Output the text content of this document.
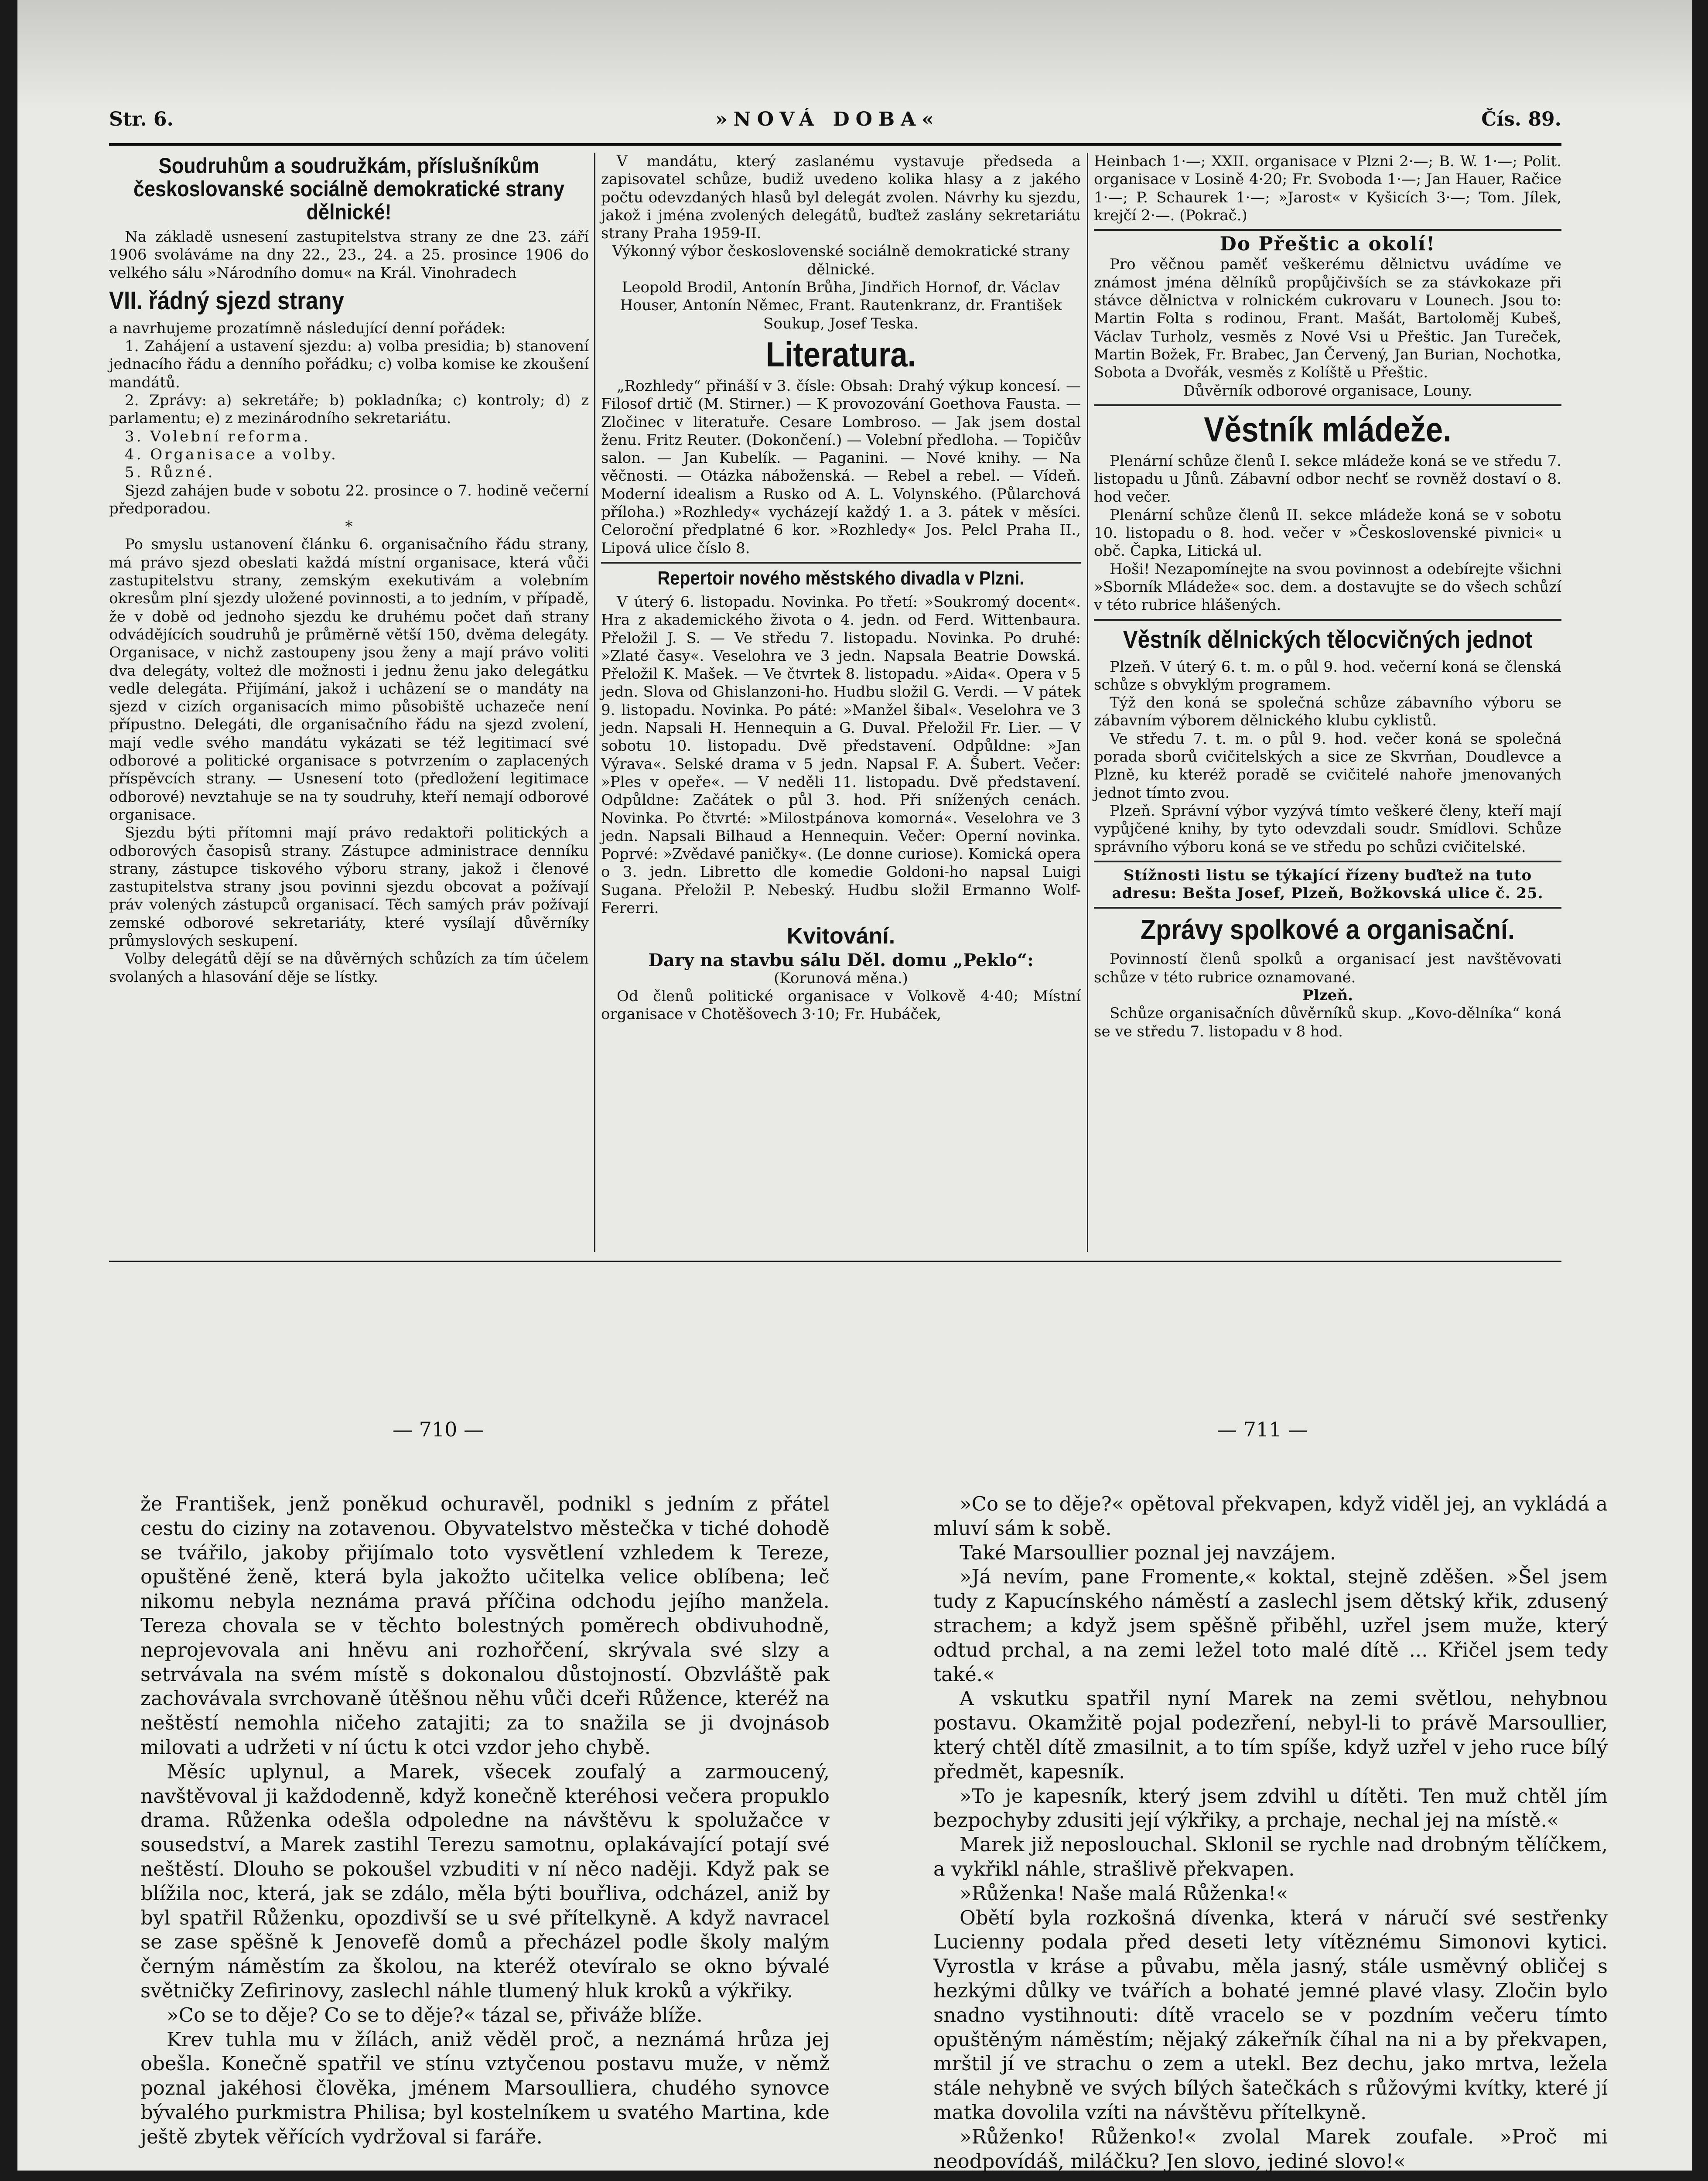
Str. 6.	»NOVÁ DOBA«	Čís. 89.
Soudruhům a soudružkám, příslušníkům českoslovanské sociálně demokratické strany dělnické!

Na základě usnesení zastupitelstva strany ze dne 23. září 1906 svoláváme na dny 22., 23., 24. a 25. prosince 1906 do velkého sálu »Národního domu« na Král. Vinohradech

VII. řádný sjezd strany

a navrhujeme prozatímně následující denní pořádek:

1. Zahájení a ustavení sjezdu: a) volba presidia; b) stanovení jednacího řádu a denního pořádku; c) volba komise ke zkoušení mandátů.

2. Zprávy: a) sekretáře; b) pokladníka; c) kontroly; d) z parlamentu; e) z mezinárodního sekretariátu.

3. Volební reforma.

4. Organisace a volby.

5. Různé.

Sjezd zahájen bude v sobotu 22. prosince o 7. hodině večerní předporadou.

*

Po smyslu ustanovení článku 6. organisačního řádu strany, má právo sjezd obeslati každá místní organisace, která vůči zastupitelstvu strany, zemským exekutivám a volebním okresům plní sjezdy uložené povinnosti, a to jedním, v případě, že v době od jednoho sjezdu ke druhému počet daň strany odvádějících soudruhů je průměrně větší 150, dvěma delegáty. Organisace, v nichž zastoupeny jsou ženy a mají právo voliti dva delegáty, volteż dle možnosti i jednu ženu jako delegátku vedle delegáta. Přijímání, jakož i uchâzení se o mandáty na sjezd v cizích organisacích mimo působiště uchazeče není přípustno. Delegáti, dle organisačního řádu na sjezd zvolení, mají vedle svého mandátu vykázati se též legitimací své odborové a politické organisace s potvrzením o zaplacených příspěvcích strany. — Usnesení toto (předložení legitimace odborové) nevztahuje se na ty soudruhy, kteří nemají odborové organisace.

Sjezdu býti přítomni mají právo redaktoři politických a odborových časopisů strany. Zástupce administrace denníku strany, zástupce tiskového výboru strany, jakož i členové zastupitelstva strany jsou povinni sjezdu obcovat a požívají práv volených zástupců organisací. Těch samých práv požívají zemské odborové sekretariáty, které vysílají důvěrníky průmyslových seskupení.

Volby delegátů dějí se na důvěrných schůzích za tím účelem svolaných a hlasování děje se lístky.

V mandátu, který zaslanému vystavuje předseda a zapisovatel schůze, budiž uvedeno kolika hlasy a z jakého počtu odevzdaných hlasů byl delegát zvolen. Návrhy ku sjezdu, jakož i jména zvolených delegátů, buďtež zaslány sekretariátu strany Praha 1959-II.

Výkonný výbor československé sociálně demokratické strany dělnické.

Leopold Brodil, Antonín Brůha, Jindřich Hornof, dr. Václav Houser, Antonín Němec, Frant. Rautenkranz, dr. František Soukup, Josef Teska.

Literatura.

„Rozhledy“ přináší v 3. čísle: Obsah: Drahý výkup koncesí. — Filosof drtič (M. Stirner.) — K provozování Goethova Fausta. — Zločinec v literatuře. Cesare Lombroso. — Jak jsem dostal ženu. Fritz Reuter. (Dokončení.) — Volební předloha. — Topičův salon. — Jan Kubelík. — Paganini. — Nové knihy. — Na věčnosti. — Otázka náboženská. — Rebel a rebel. — Vídeň. Moderní idealism a Rusko od A. L. Volynského. (Půlarchová příloha.) »Rozhledy« vycházejí každý 1. a 3. pátek v měsíci. Celoroční předplatné 6 kor. »Rozhledy« Jos. Pelcl Praha II., Lipová ulice číslo 8.

Repertoir nového městského divadla v Plzni.

V úterý 6. listopadu. Novinka. Po třetí: »Soukromý docent«. Hra z akademického života o 4. jedn. od Ferd. Wittenbaura. Přeložil J. S. — Ve středu 7. listopadu. Novinka. Po druhé: »Zlaté časy«. Veselohra ve 3 jedn. Napsala Beatrie Dowská. Přeložil K. Mašek. — Ve čtvrtek 8. listopadu. »Aida«. Opera v 5 jedn. Slova od Ghislanzoni-ho. Hudbu složil G. Verdi. — V pátek 9. listopadu. Novinka. Po páté: »Manžel šibal«. Veselohra ve 3 jedn. Napsali H. Hennequin a G. Duval. Přeložil Fr. Lier. — V sobotu 10. listopadu. Dvě představení. Odpůldne: »Jan Výrava«. Selské drama v 5 jedn. Napsal F. A. Šubert. Večer: »Ples v opeře«. — V neděli 11. listopadu. Dvě představení. Odpůldne: Začátek o půl 3. hod. Při snížených cenách. Novinka. Po čtvrté: »Milostpánova komorná«. Veselohra ve 3 jedn. Napsali Bilhaud a Hennequin. Večer: Operní novinka. Poprvé: »Zvědavé paničky«. (Le donne curiose). Komická opera o 3. jedn. Libretto dle komedie Goldoni-ho napsal Luigi Sugana. Přeložil P. Nebeský. Hudbu složil Ermanno Wolf-Fererri.

Kvitování.

Dary na stavbu sálu Děl. domu „Peklo“:

(Korunová měna.)

Od členů politické organisace v Volkově 4·40; Místní organisace v Chotěšovech 3·10; Fr. Hubáček,

Heinbach 1·—; XXII. organisace v Plzni 2·—; B. W. 1·—; Polit. organisace v Losině 4·20; Fr. Svoboda 1·—; Jan Hauer, Račice 1·—; P. Schaurek 1·—; »Jarost« v Kyšicích 3·—; Tom. Jílek, krejčí 2·—. (Pokrač.)

Do Přeštic a okolí!

Pro věčnou paměť veškerému dělnictvu uvádíme ve známost jména dělníků propůjčivších se za stávkokaze při stávce dělnictva v rolnickém cukrovaru v Lounech. Jsou to: Martin Folta s rodinou, Frant. Mašát, Bartoloměj Kubeš, Václav Turholz, vesměs z Nové Vsi u Přeštic. Jan Tureček, Martin Božek, Fr. Brabec, Jan Červený, Jan Burian, Nochotka, Sobota a Dvořák, vesměs z Kolíště u Přeštic.

Důvěrník odborové organisace, Louny.

Věstník mládeže.

Plenární schůze členů I. sekce mládeže koná se ve středu 7. listopadu u Jůnů. Zábavní odbor nechť se rovněž dostaví o 8. hod večer.

Plenární schůze členů II. sekce mládeže koná se v sobotu 10. listopadu o 8. hod. večer v »Československé pivnici« u obč. Čapka, Litická ul.

Hoši! Nezapomínejte na svou povinnost a odebírejte všichni »Sborník Mládeže« soc. dem. a dostavujte se do všech schůzí v této rubrice hlášených.

Věstník dělnických tělocvičných jednot

Plzeň. V úterý 6. t. m. o půl 9. hod. večerní koná se členská schůze s obvyklým programem.

Týž den koná se společná schůze zábavního výboru se zábavním výborem dělnického klubu cyklistů.

Ve středu 7. t. m. o půl 9. hod. večer koná se společná porada sborů cvičitelských a sice ze Skvrňan, Doudlevce a Plzně, ku kteréž poradě se cvičitelé nahoře jmenovaných jednot tímto zvou.

Plzeň. Správní výbor vyzývá tímto veškeré členy, kteří mají vypůjčené knihy, by tyto odevzdali soudr. Smídlovi. Schůze správního výboru koná se ve středu po schůzi cvičitelské.

Stížnosti listu se týkající řízeny buďtež na tuto adresu: Bešta Josef, Plzeň, Božkovská ulice č. 25.

Zprávy spolkové a organisační.

Povinností členů spolků a organisací jest navštěvovati schůze v této rubrice oznamované.

Plzeň.

Schůze organisačních důvěrníků skup. „Kovo-dělníka“ koná se ve středu 7. listopadu v 8 hod.

— 710 —	— 711 —

že František, jenž poněkud ochuravěl, podnikl s jedním z přátel cestu do ciziny na zotavenou. Obyvatelstvo městečka v tiché dohodě se tvářilo, jakoby přijímalo toto vysvětlení vzhledem k Tereze, opuštěné ženě, která byla jakožto učitelka velice oblíbena; leč nikomu nebyla neznáma pravá příčina odchodu jejího manžela. Tereza chovala se v těchto bolestných poměrech obdivuhodně, neprojevovala ani hněvu ani rozhořčení, skrývala své slzy a setrvávala na svém místě s dokonalou důstojností. Obzvláště pak zachovávala svrchovaně útěšnou něhu vůči dceři Růžence, kteréž na neštěstí nemohla ničeho zatajiti; za to snažila se ji dvojnásob milovati a udržeti v ní úctu k otci vzdor jeho chybě.

Měsíc uplynul, a Marek, všecek zoufalý a zarmoucený, navštěvoval ji každodenně, když konečně kteréhosi večera propuklo drama. Růženka odešla odpoledne na návštěvu k spolužačce v sousedství, a Marek zastihl Terezu samotnu, oplakávající potají své neštěstí. Dlouho se pokoušel vzbuditi v ní něco naději. Když pak se blížila noc, která, jak se zdálo, měla býti bouřliva, odcházel, aniž by byl spatřil Růženku, opozdivší se u své přítelkyně. A když navracel se zase spěšně k Jenovefě domů a přecházel podle školy malým černým náměstím za školou, na kteréž otevíralo se okno bývalé světničky Zefirinovy, zaslechl náhle tlumený hluk kroků a výkřiky.

»Co se to děje? Co se to děje?« tázal se, přiváže blíže.

Krev tuhla mu v žílách, aniž věděl proč, a neznámá hrůza jej obešla. Konečně spatřil ve stínu vztyčenou postavu muže, v němž poznal jakéhosi člověka, jménem Marsoulliera, chudého synovce bývalého purkmistra Philisa; byl kostelníkem u svatého Martina, kde ještě zbytek věřících vydržoval si faráře.

»Co se to děje?« opětoval překvapen, když viděl jej, an vykládá a mluví sám k sobě.

Také Marsoullier poznal jej navzájem.

»Já nevím, pane Fromente,« koktal, stejně zděšen. »Šel jsem tudy z Kapucínského náměstí a zaslechl jsem dětský křik, zdusený strachem; a když jsem spěšně přiběhl, uzřel jsem muže, který odtud prchal, a na zemi ležel toto malé dítě ... Křičel jsem tedy také.«

A vskutku spatřil nyní Marek na zemi světlou, nehybnou postavu. Okamžitě pojal podezření, nebyl-li to právě Marsoullier, který chtěl dítě zmasilnit, a to tím spíše, když uzřel v jeho ruce bílý předmět, kapesník.

»To je kapesník, který jsem zdvihl u dítěti. Ten muž chtěl jím bezpochyby zdusiti její výkřiky, a prchaje, nechal jej na místě.«

Marek již neposlouchal. Sklonil se rychle nad drobným tělíčkem, a vykřikl náhle, strašlivě překvapen.

»Růženka! Naše malá Růženka!«

Obětí byla rozkošná dívenka, která v náručí své sestřenky Lucienny podala před deseti lety vítěznému Simonovi kytici. Vyrostla v kráse a půvabu, měla jasný, stále usměvný obličej s hezkými důlky ve tvářích a bohaté jemné plavé vlasy. Zločin bylo snadno vystihnouti: dítě vracelo se v pozdním večeru tímto opuštěným náměstím; nějaký zákeřník číhal na ni a by překvapen, mrštil jí ve strachu o zem a utekl. Bez dechu, jako mrtva, ležela stále nehybně ve svých bílých šatečkách s růžovými kvítky, které jí matka dovolila vzíti na návštěvu přítelkyně.

»Růženko! Růženko!« zvolal Marek zoufale. »Proč mi neodpovídáš, miláčku? Jen slovo, jediné slovo!«
